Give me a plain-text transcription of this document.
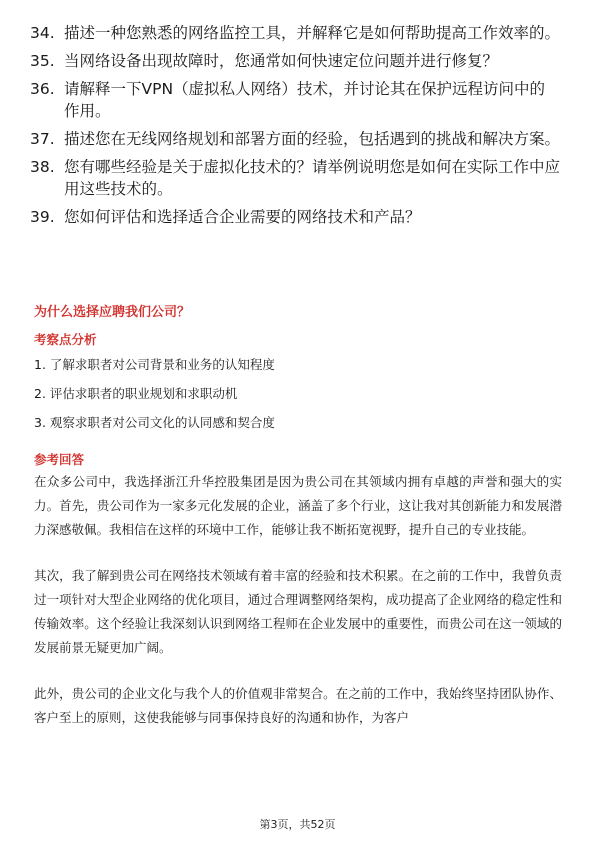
34. 描述一种您熟悉的网络监控工具，并解释它是如何帮助提高工作效率的。
35. 当网络设备出现故障时，您通常如何快速定位问题并进行修复？
36. 请解释一下VPN（虚拟私人网络）技术，并讨论其在保护远程访问中的作用。
37. 描述您在无线网络规划和部署方面的经验，包括遇到的挑战和解决方案。
38. 您有哪些经验是关于虚拟化技术的？请举例说明您是如何在实际工作中应用这些技术的。
39. 您如何评估和选择适合企业需要的网络技术和产品？
为什么选择应聘我们公司？
考察点分析
1. 了解求职者对公司背景和业务的认知程度
2. 评估求职者的职业规划和求职动机
3. 观察求职者对公司文化的认同感和契合度
参考回答

在众多公司中，我选择浙江升华控股集团是因为贵公司在其领域内拥有卓越的声誉和强大的实力。首先，贵公司作为一家多元化发展的企业，涵盖了多个行业，这让我对其创新能力和发展潜力深感敬佩。我相信在这样的环境中工作，能够让我不断拓宽视野，提升自己的专业技能。

其次，我了解到贵公司在网络技术领域有着丰富的经验和技术积累。在之前的工作中，我曾负责过一项针对大型企业网络的优化项目，通过合理调整网络架构，成功提高了企业网络的稳定性和传输效率。这个经验让我深刻认识到网络工程师在企业发展中的重要性，而贵公司在这一领域的发展前景无疑更加广阔。

此外，贵公司的企业文化与我个人的价值观非常契合。在之前的工作中，我始终坚持团队协作、客户至上的原则，这使我能够与同事保持良好的沟通和协作，为客户

第3页，共52页
